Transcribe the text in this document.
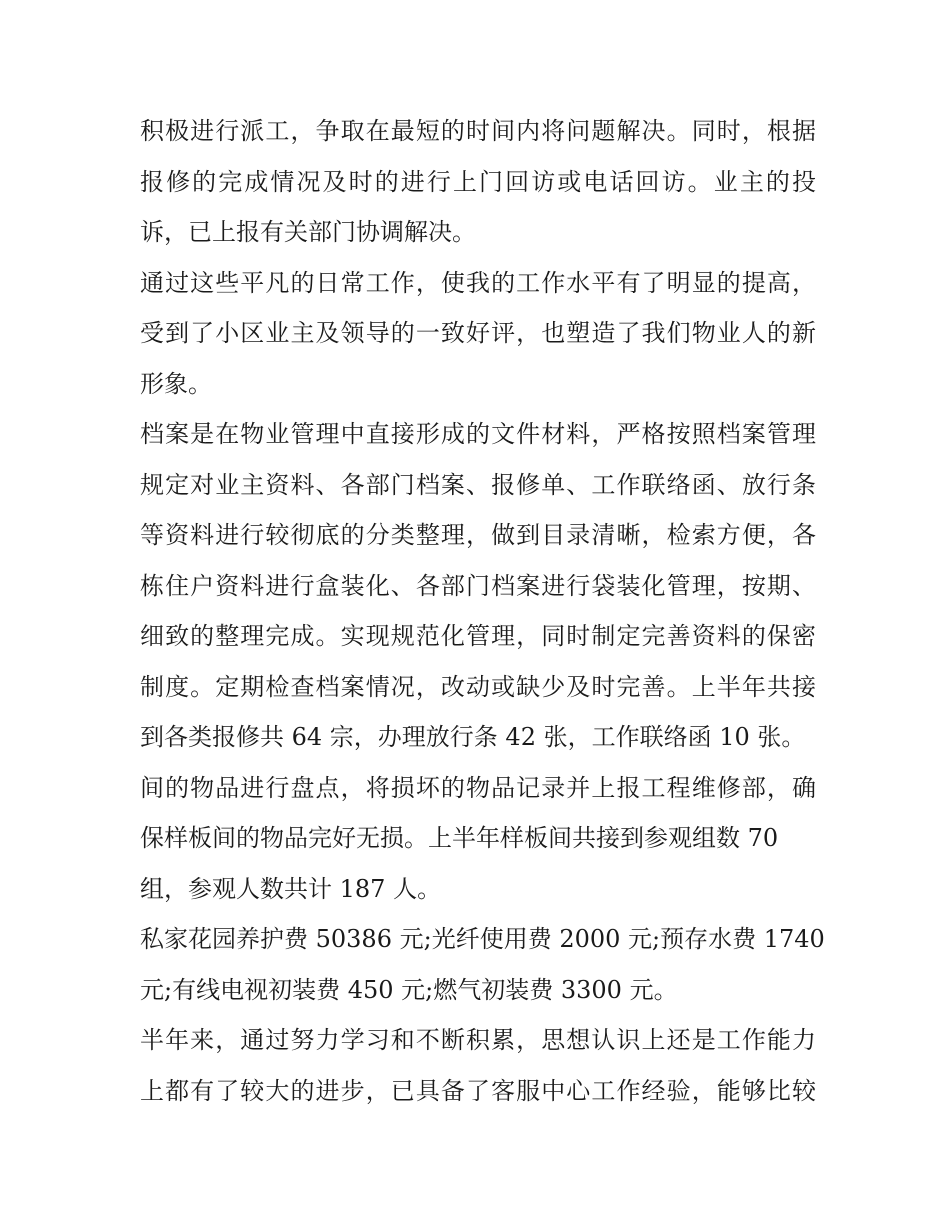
积极进行派工，争取在最短的时间内将问题解决。同时，根据
报修的完成情况及时的进行上门回访或电话回访。业主的投
诉，已上报有关部门协调解决。
通过这些平凡的日常工作，使我的工作水平有了明显的提高，
受到了小区业主及领导的一致好评，也塑造了我们物业人的新
形象。
档案是在物业管理中直接形成的文件材料，严格按照档案管理
规定对业主资料、各部门档案、报修单、工作联络函、放行条
等资料进行较彻底的分类整理，做到目录清晰，检索方便，各
栋住户资料进行盒装化、各部门档案进行袋装化管理，按期、
细致的整理完成。实现规范化管理，同时制定完善资料的保密
制度。定期检查档案情况，改动或缺少及时完善。上半年共接
到各类报修共 64 宗，办理放行条 42 张，工作联络函 10 张。
间的物品进行盘点，将损坏的物品记录并上报工程维修部，确
保样板间的物品完好无损。上半年样板间共接到参观组数 70
组，参观人数共计 187 人。
私家花园养护费 50386 元;光纤使用费 2000 元;预存水费 1740
元;有线电视初装费 450 元;燃气初装费 3300 元。
半年来，通过努力学习和不断积累，思想认识上还是工作能力
上都有了较大的进步，已具备了客服中心工作经验，能够比较
